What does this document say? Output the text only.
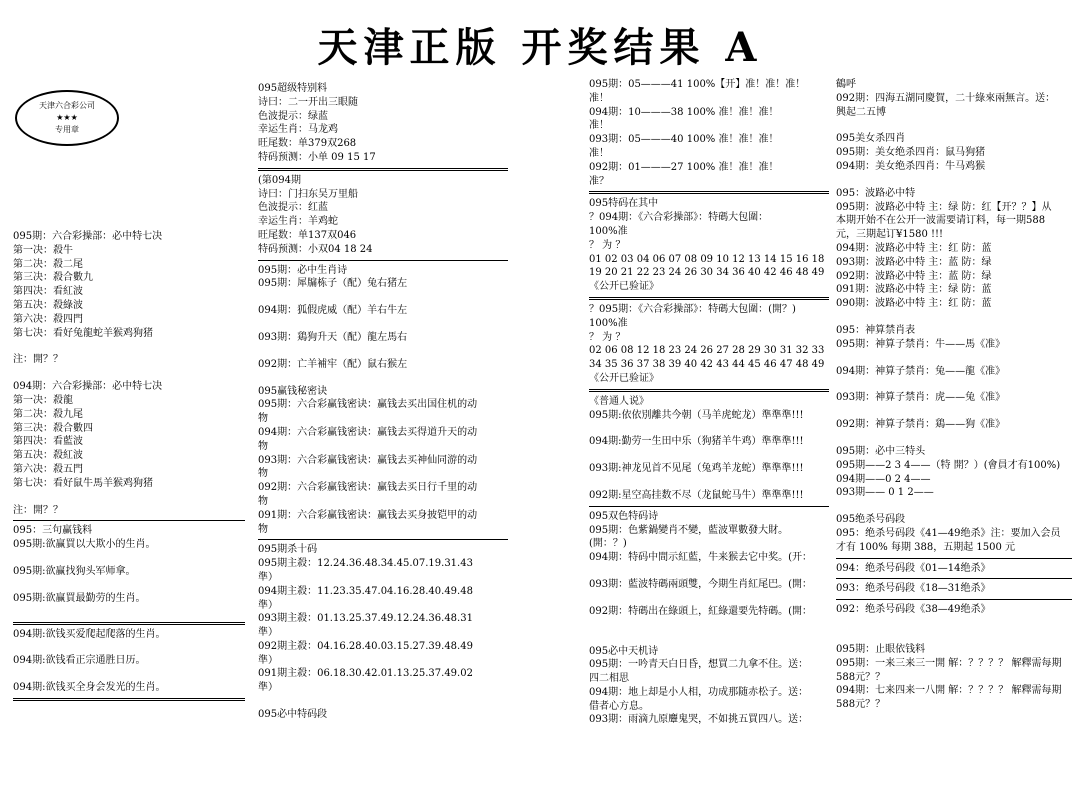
天津正版 开奖结果 A
天津六合彩公司
★★★
专用章
095期：六合彩操部：必中特七决
第一决：殺牛
第二决：殺二尾
第三决：殺合數九
第四决：看紅波
第五决：殺綠波
第六决：殺四門
第七决：看好兔龍蛇羊猴鸡狗猪
注：開？？
094期：六合彩操部：必中特七决
第一决：殺龍
第二决：殺九尾
第三决：殺合數四
第四决：看藍波
第五决：殺紅波
第六决：殺五門
第七决：看好鼠牛馬羊猴鸡狗猪
注：開？？
095：三句赢钱料
095期:欲赢買以大欺小的生肖。
095期:欲赢找狗头军师拿。
095期:欲赢買最勤劳的生肖。
094期:欲钱买爱爬起爬落的生肖。
094期:欲钱看正宗通胜日历。
094期:欲钱买全身会发光的生肖。
095超级特别料
诗曰：二一开出三眼随
色波提示：绿蓝
幸运生肖：马龙鸡
旺尾数：单379双268
特码预测：小单 09 15 17
(第094期
诗曰：门扫东吴万里船
色波提示：红蓝
幸运生肖：羊鸡蛇
旺尾数：单137双046
特码预测：小双04 18 24
095期：必中生肖诗
095期：犀牖栋子（配）兔右猪左
094期：狐假虎威（配）羊右牛左
093期：鶏狗升天（配）龍左馬右
092期：亡羊補牢（配）鼠右猴左
095赢钱秘密诀
095期：六合彩赢钱密诀：赢钱去买出国住机的动
物
094期：六合彩赢钱密诀：赢钱去买得道升天的动
物
093期：六合彩赢钱密诀：赢钱去买神仙同游的动
物
092期：六合彩赢钱密诀：赢钱去买日行千里的动
物
091期：六合彩赢钱密诀：赢钱去买身披铠甲的动
物
095期杀十码
095期主殺：12.24.36.48.34.45.07.19.31.43
準）
094期主殺：11.23.35.47.04.16.28.40.49.48
準）
093期主殺：01.13.25.37.49.12.24.36.48.31
準）
092期主殺：04.16.28.40.03.15.27.39.48.49
準）
091期主殺：06.18.30.42.01.13.25.37.49.02
準）
095必中特码段
095期：05———41 100%【开】准！准！准！
准！
094期：10———38 100% 准！准！准！
准！
093期：05———40 100% 准！准！准！
准！
092期：01———27 100% 准！准！准！
准？
095特码在其中
？094期：《六合彩操部》：特碼大包圍：
100%准
？ 为 ？
01 02 03 04 06 07 08 09 10 12 13 14 15 16 18
19 20 21 22 23 24 26 30 34 36 40 42 46 48 49
《公开已验证》
？095期：《六合彩操部》：特碼大包圍：(開？)
100%准
？ 为 ？
02 06 08 12 18 23 24 26 27 28 29 30 31 32 33
34 35 36 37 38 39 40 42 43 44 45 46 47 48 49
《公开已验证》
《普通人说》
095期:依依別離共今朝（马羊虎蛇龙）準準準!!!
094期:勤劳一生田中乐（狗猪羊牛鸡）準準準!!!
093期:神龙见首不见尾（兔鸡羊龙蛇）準準準!!!
092期:星空高挂数不尽（龙鼠蛇马牛）準準準!!!
095双色特码诗
095期：色紫鍋變肖不變，藍波單數發大財。
(開：？)
094期：特码中間示紅藍，牛来猴去它中奖。(开：
093期：藍波特碼兩頭雙，今期生肖紅尾巴。(開：
092期：特碼出在綠頭上，紅綠還要先特碼。(開：
095必中天机诗
095期：一吟青天白日昏，想買二九拿不住。送：
四二相思
094期：地上却是小人相，功成那随赤松子。送：
借者心方息。
093期：雨滴九原麞鬼哭，不如挑五買四八。送：
鶴呼
092期：四海五湖同慶賀，二十綠來兩無言。送：
興起二五博
095美女杀四肖
095期：美女绝杀四肖：鼠马狗猪
094期：美女绝杀四肖：牛马鸡猴
095：波路必中特
095期：波路必中特 主：绿 防：红【开？？】从
本期开始不在公开一波需要请订料，每一期588
元，三期起订¥1580 !!!
094期：波路必中特 主：红 防：蓝
093期：波路必中特 主：蓝 防：绿
092期：波路必中特 主：蓝 防：绿
091期：波路必中特 主：绿 防：蓝
090期：波路必中特 主：红 防：蓝
095：神算禁肖表
095期：神算子禁肖：牛——馬《准》
094期：神算子禁肖：兔——龍《准》
093期：神算子禁肖：虎——兔《准》
092期：神算子禁肖：鶏——狗《准》
095期：必中三特头
095期——2 3 4——（特 開？）(會員才有100%)
094期——0 2 4——
093期—— 0 1 2——
095绝杀号码段
095：绝杀号码段《41—49绝杀》注：要加入会员
才有 100% 每期 388，五期起 1500 元
094：绝杀号码段《01—14绝杀》
093：绝杀号码段《18—31绝杀》
092：绝杀号码段《38—49绝杀》
095期：止眼依钱料
095期：一来三来三一開 解：？？？？ 解釋需每期
588元？？
094期：七来四来一八開 解：？？？？ 解釋需每期
588元？？
